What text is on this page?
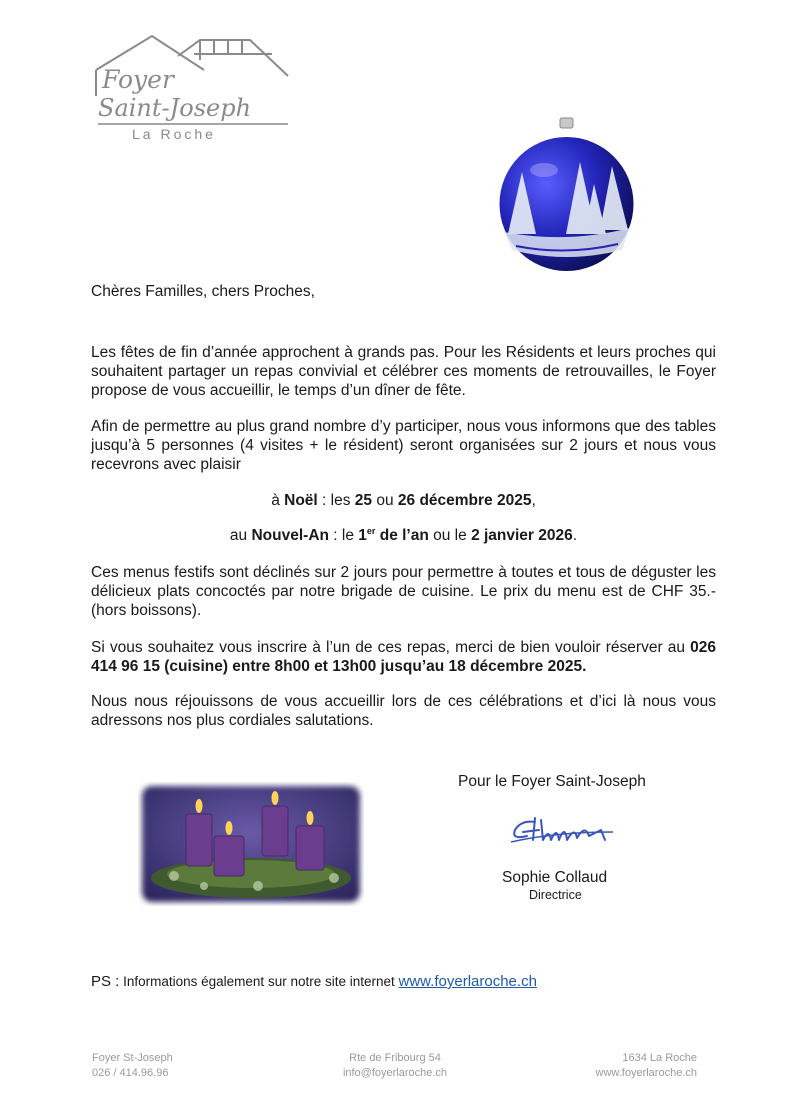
Foyer
Saint-Joseph
La Roche
Chères Familles, chers Proches,

Les fêtes de fin d’année approchent à grands pas. Pour les Résidents et leurs proches qui souhaitent partager un repas convivial et célébrer ces moments de retrouvailles, le Foyer propose de vous accueillir, le temps d’un dîner de fête.

Afin de permettre au plus grand nombre d’y participer, nous vous informons que des tables jusqu’à 5 personnes (4 visites + le résident) seront organisées sur 2 jours et nous vous recevrons avec plaisir

à Noël : les 25 ou 26 décembre 2025,
au Nouvel-An : le 1er de l’an ou le 2 janvier 2026.

Ces menus festifs sont déclinés sur 2 jours pour permettre à toutes et tous de déguster les délicieux plats concoctés par notre brigade de cuisine. Le prix du menu est de CHF 35.- (hors boissons).

Si vous souhaitez vous inscrire à l’un de ces repas, merci de bien vouloir réserver au 026 414 96 15 (cuisine) entre 8h00 et 13h00 jusqu’au 18 décembre 2025.

Nous nous réjouissons de vous accueillir lors de ces célébrations et d’ici là nous vous adressons nos plus cordiales salutations.

Pour le Foyer Saint-Joseph
Sophie Collaud
Directrice
PS : Informations également sur notre site internet www.foyerlaroche.ch
Foyer St-Joseph
026 / 414.96.96
Rte de Fribourg 54
info@foyerlaroche.ch
1634 La Roche
www.foyerlaroche.ch
